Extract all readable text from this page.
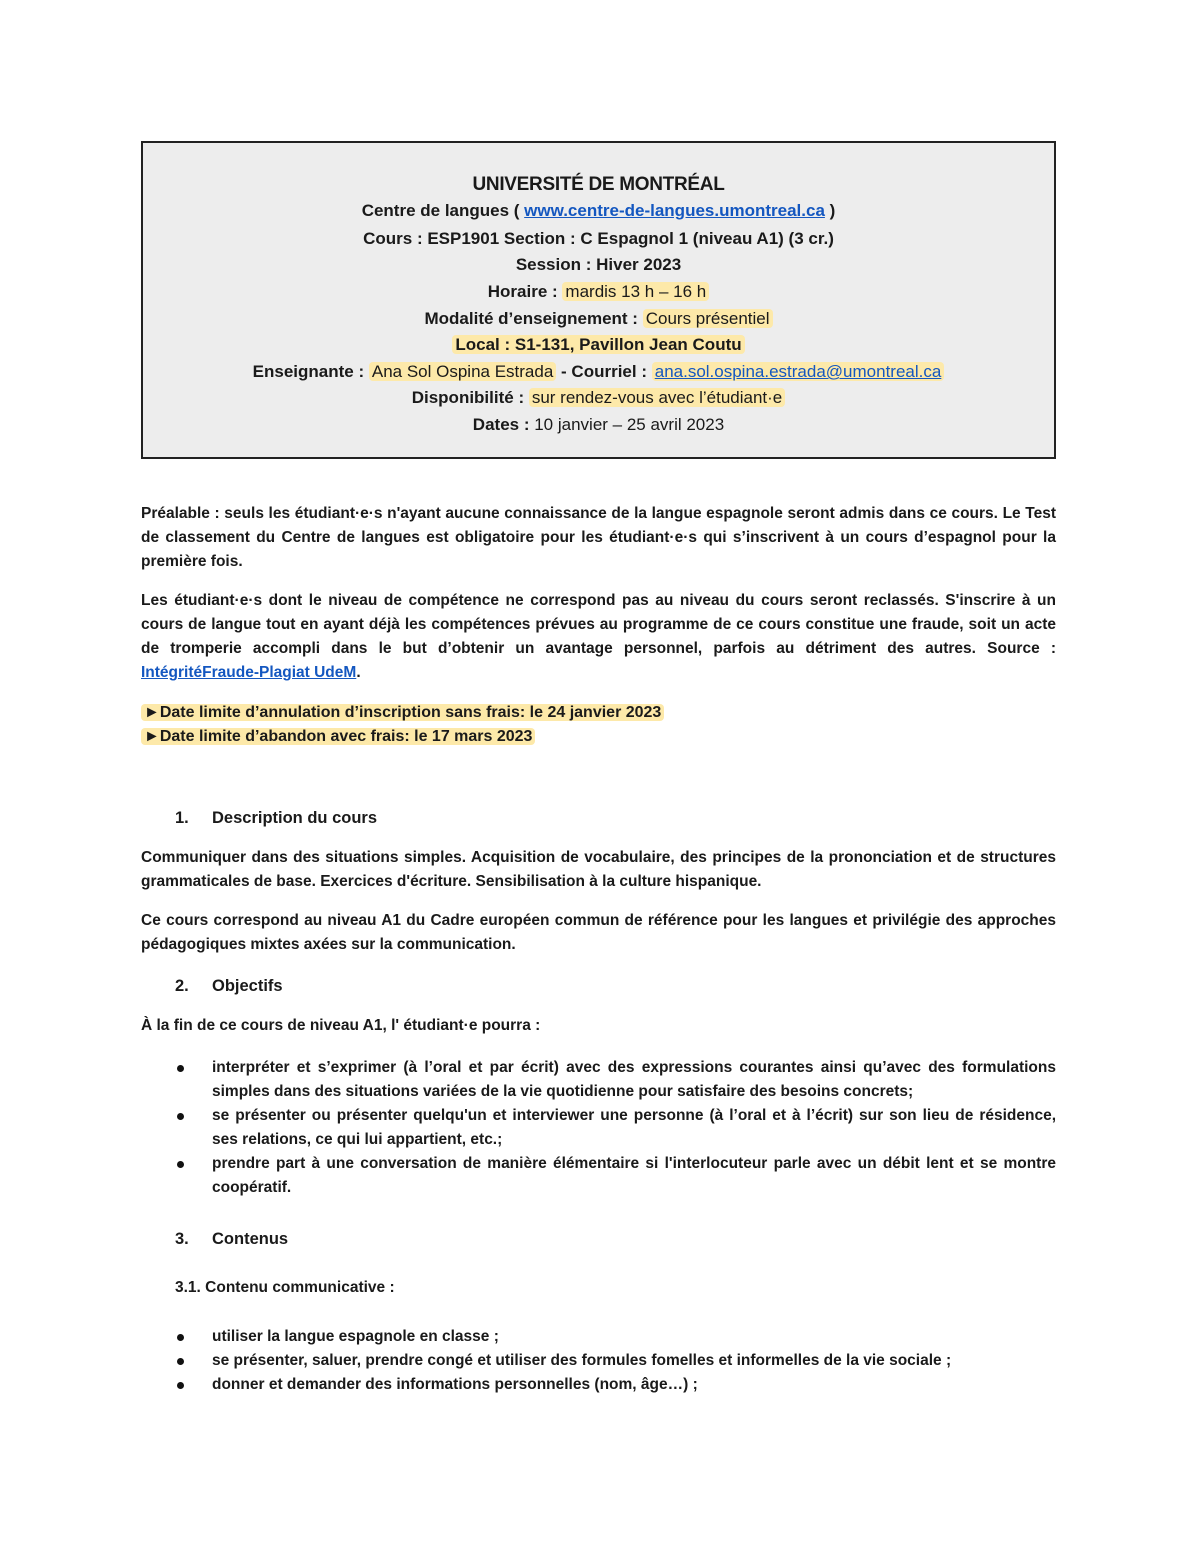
UNIVERSITÉ DE MONTRÉAL
Centre de langues ( www.centre-de-langues.umontreal.ca )
Cours : ESP1901 Section : C Espagnol 1 (niveau A1) (3 cr.)
Session : Hiver 2023
Horaire : mardis 13 h – 16 h
Modalité d’enseignement : Cours présentiel
Local : S1-131, Pavillon Jean Coutu
Enseignante : Ana Sol Ospina Estrada - Courriel : ana.sol.ospina.estrada@umontreal.ca
Disponibilité : sur rendez-vous avec l’étudiant·e
Dates : 10 janvier – 25 avril 2023
Préalable : seuls les étudiant·e·s n'ayant aucune connaissance de la langue espagnole seront admis dans ce cours. Le Test de classement du Centre de langues est obligatoire pour les étudiant·e·s qui s’inscrivent à un cours d’espagnol pour la première fois.
Les étudiant·e·s dont le niveau de compétence ne correspond pas au niveau du cours seront reclassés. S'inscrire à un cours de langue tout en ayant déjà les compétences prévues au programme de ce cours constitue une fraude, soit un acte de tromperie accompli dans le but d’obtenir un avantage personnel, parfois au détriment des autres. Source : IntégritéFraude-Plagiat UdeM.
►Date limite d’annulation d’inscription sans frais: le 24 janvier 2023
►Date limite d’abandon avec frais: le 17 mars 2023
1. Description du cours
Communiquer dans des situations simples. Acquisition de vocabulaire, des principes de la prononciation et de structures grammaticales de base. Exercices d'écriture. Sensibilisation à la culture hispanique.
Ce cours correspond au niveau A1 du Cadre européen commun de référence pour les langues et privilégie des approches pédagogiques mixtes axées sur la communication.
2. Objectifs
À la fin de ce cours de niveau A1, l' étudiant·e pourra :
interpréter et s’exprimer (à l’oral et par écrit) avec des expressions courantes ainsi qu’avec des formulations simples dans des situations variées de la vie quotidienne pour satisfaire des besoins concrets;
se présenter ou présenter quelqu'un et interviewer une personne (à l’oral et à l’écrit) sur son lieu de résidence, ses relations, ce qui lui appartient, etc.;
prendre part à une conversation de manière élémentaire si l'interlocuteur parle avec un débit lent et se montre coopératif.
3. Contenus
3.1. Contenu communicative :
utiliser la langue espagnole en classe ;
se présenter, saluer, prendre congé et utiliser des formules fomelles et informelles de la vie sociale ;
donner et demander des informations personnelles (nom, âge…) ;
